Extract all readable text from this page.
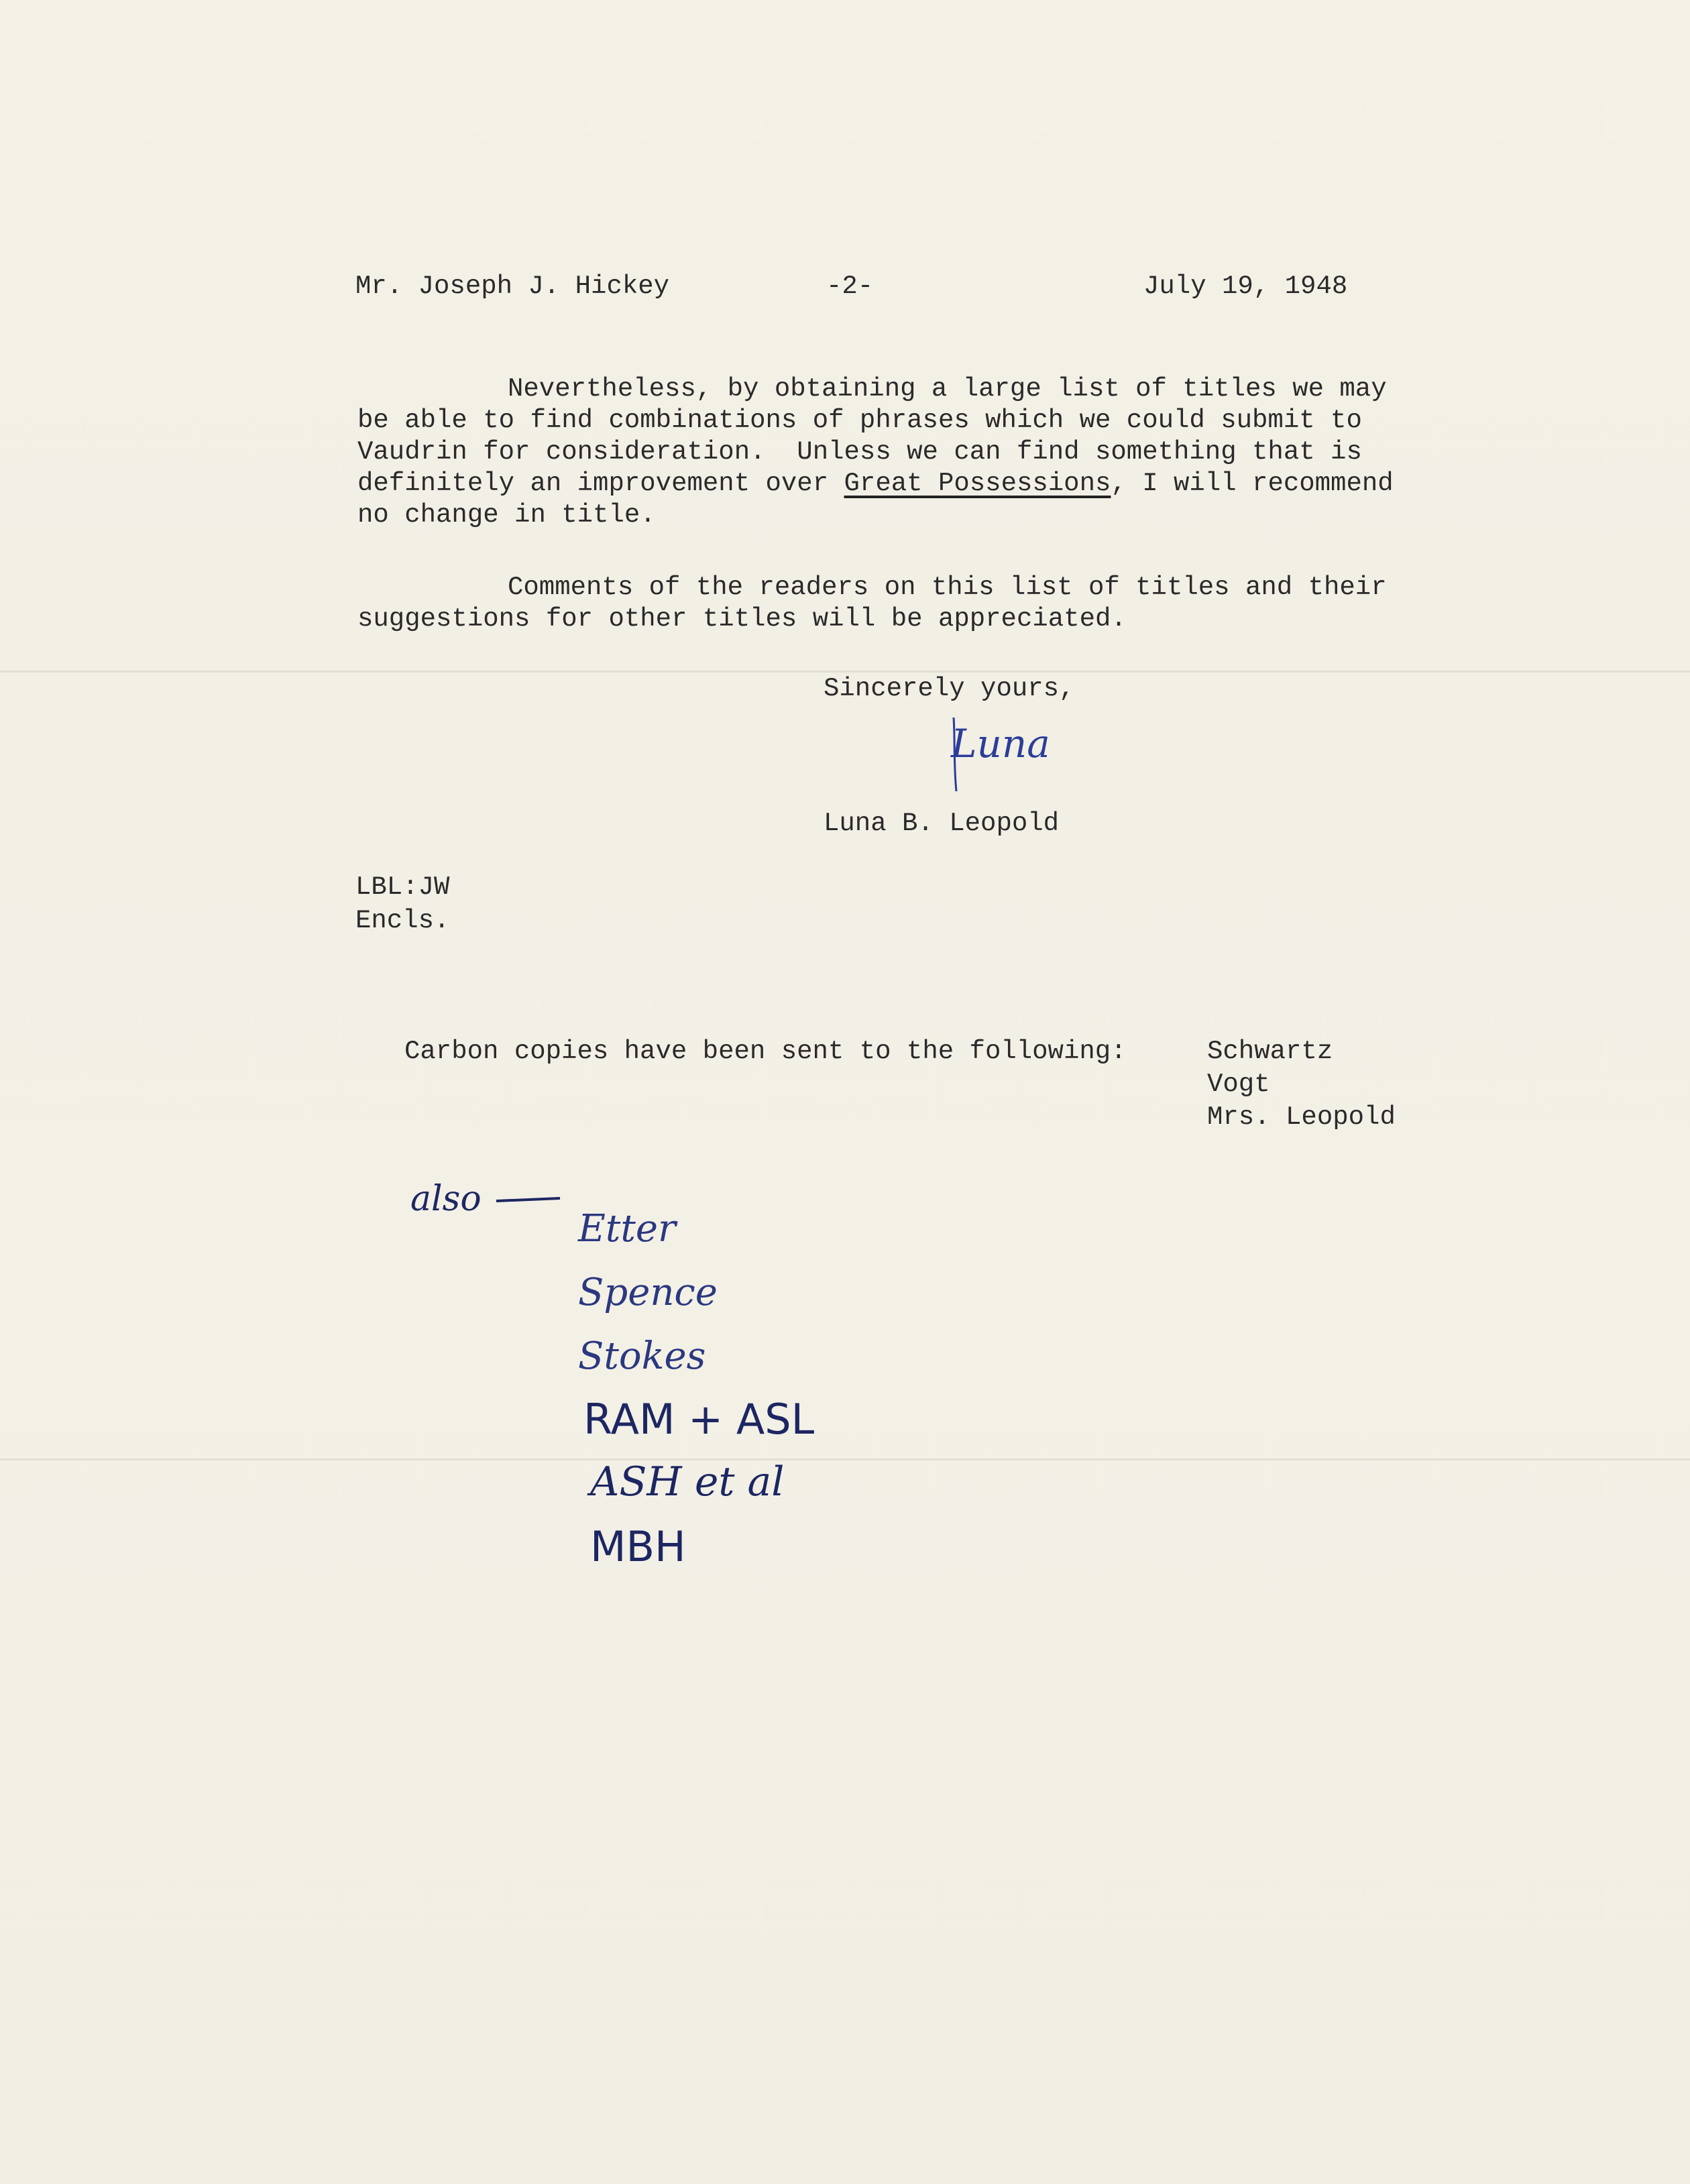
Mr. Joseph J. Hickey	-2-	July 19, 1948
Nevertheless, by obtaining a large list of titles we may
be able to find combinations of phrases which we could submit to
Vaudrin for consideration.  Unless we can find something that is
definitely an improvement over Great Possessions, I will recommend
no change in title.
Comments of the readers on this list of titles and their
suggestions for other titles will be appreciated.
Sincerely yours,
Luna
Luna B. Leopold
LBL:JW
Encls.
Carbon copies have been sent to the following:	Schwartz
Vogt
Mrs. Leopold
also
Etter
Spence
Stokes
RAM + ASL
ASH et al
MBH
